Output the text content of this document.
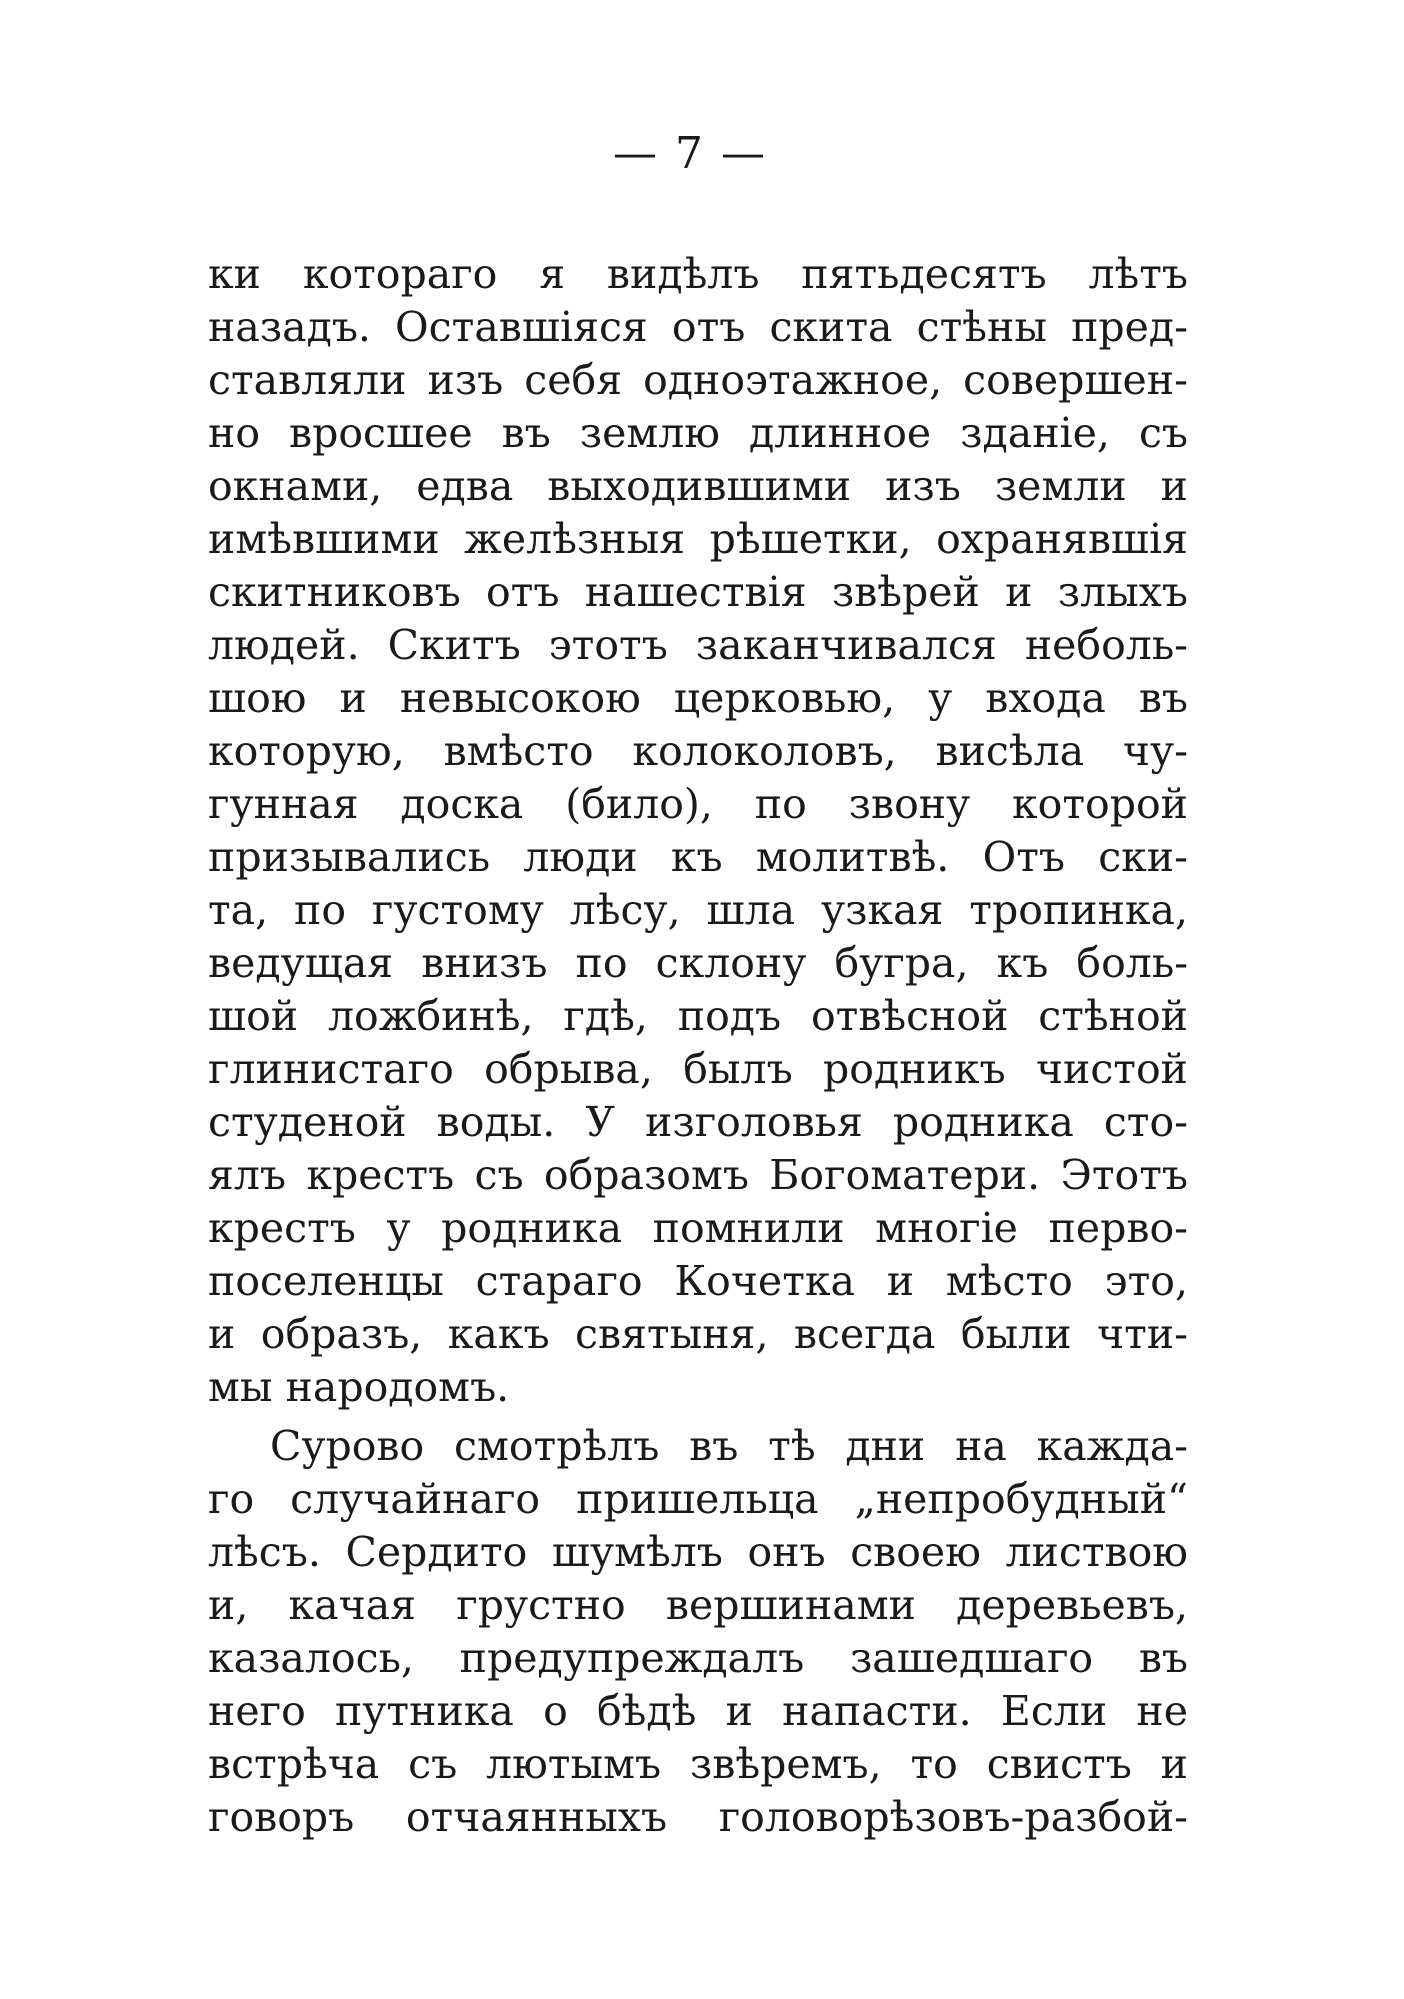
— 7 —
ки котораго я видѣлъ пятьдесятъ лѣтъ
назадъ. Оставшіяся отъ скита стѣны пред-
ставляли изъ себя одноэтажное, совершен-
но вросшее въ землю длинное зданіе, съ
окнами, едва выходившими изъ земли и
имѣвшими желѣзныя рѣшетки, охранявшія
скитниковъ отъ нашествія звѣрей и злыхъ
людей. Скитъ этотъ заканчивался неболь-
шою и невысокою церковью, у входа въ
которую, вмѣсто колоколовъ, висѣла чу-
гунная доска (било), по звону которой
призывались люди къ молитвѣ. Отъ ски-
та, по густому лѣсу, шла узкая тропинка,
ведущая внизъ по склону бугра, къ боль-
шой ложбинѣ, гдѣ, подъ отвѣсной стѣной
глинистаго обрыва, былъ родникъ чистой
студеной воды. У изголовья родника сто-
ялъ крестъ съ образомъ Богоматери. Этотъ
крестъ у родника помнили многіе перво-
поселенцы стараго Кочетка и мѣсто это,
и образъ, какъ святыня, всегда были чти-
мы народомъ.
Сурово смотрѣлъ въ тѣ дни на каждa-
го случайнаго пришельца „непробудный“
лѣсъ. Сердито шумѣлъ онъ своею листвою
и, качая грустно вершинами деревьевъ,
казалось, предупреждалъ зашедшаго въ
него путника о бѣдѣ и напасти. Если не
встрѣча съ лютымъ звѣремъ, то свистъ и
говоръ отчаянныхъ головорѣзовъ-разбой-
